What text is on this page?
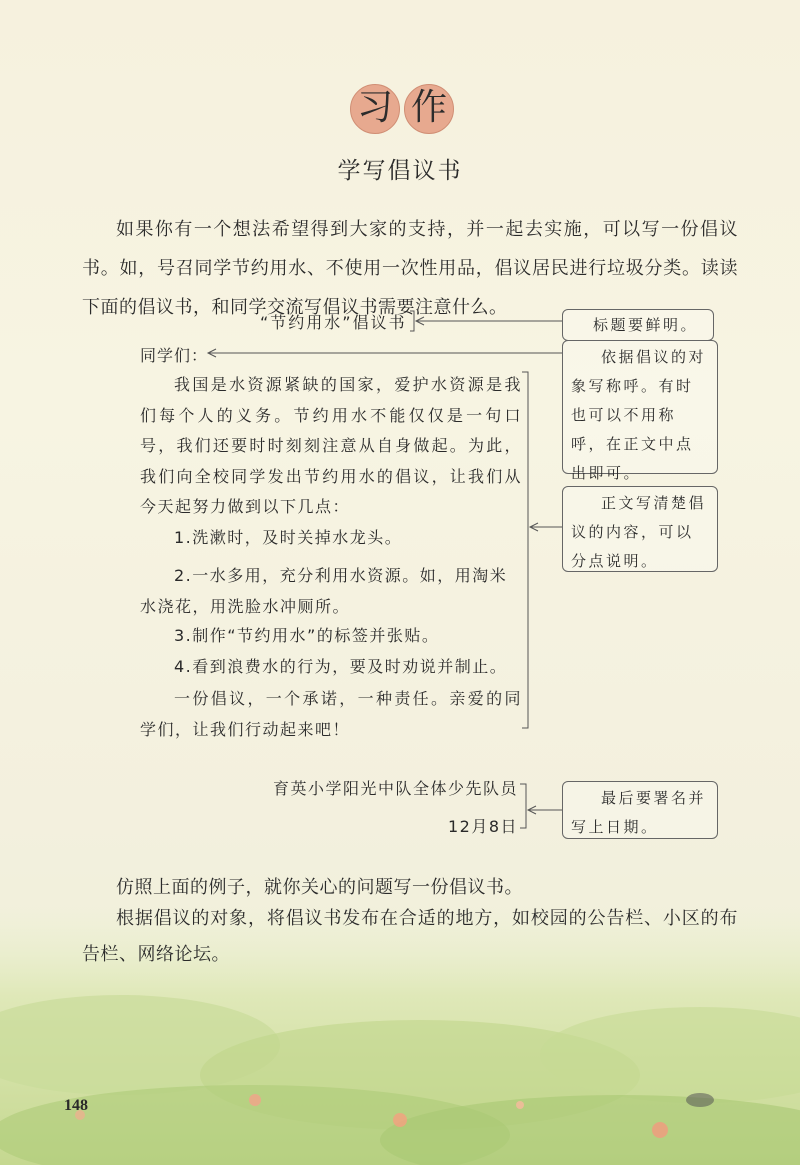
习 作
学写倡议书
如果你有一个想法希望得到大家的支持，并一起去实施，可以写一份倡议书。如，号召同学节约用水、不使用一次性用品，倡议居民进行垃圾分类。读读下面的倡议书，和同学交流写倡议书需要注意什么。
“节约用水”倡议书
同学们：
我国是水资源紧缺的国家，爱护水资源是我们每个人的义务。节约用水不能仅仅是一句口号，我们还要时时刻刻注意从自身做起。为此，我们向全校同学发出节约用水的倡议，让我们从今天起努力做到以下几点：
1.洗漱时，及时关掉水龙头。
2.一水多用，充分利用水资源。如，用淘米水浇花，用洗脸水冲厕所。
3.制作“节约用水”的标签并张贴。
4.看到浪费水的行为，要及时劝说并制止。
一份倡议，一个承诺，一种责任。亲爱的同学们，让我们行动起来吧！
育英小学阳光中队全体少先队员
12月8日
标题要鲜明。
依据倡议的对象写称呼。有时也可以不用称呼，在正文中点出即可。
正文写清楚倡议的内容，可以分点说明。
最后要署名并写上日期。
仿照上面的例子，就你关心的问题写一份倡议书。
根据倡议的对象，将倡议书发布在合适的地方，如校园的公告栏、小区的布告栏、网络论坛。
148
